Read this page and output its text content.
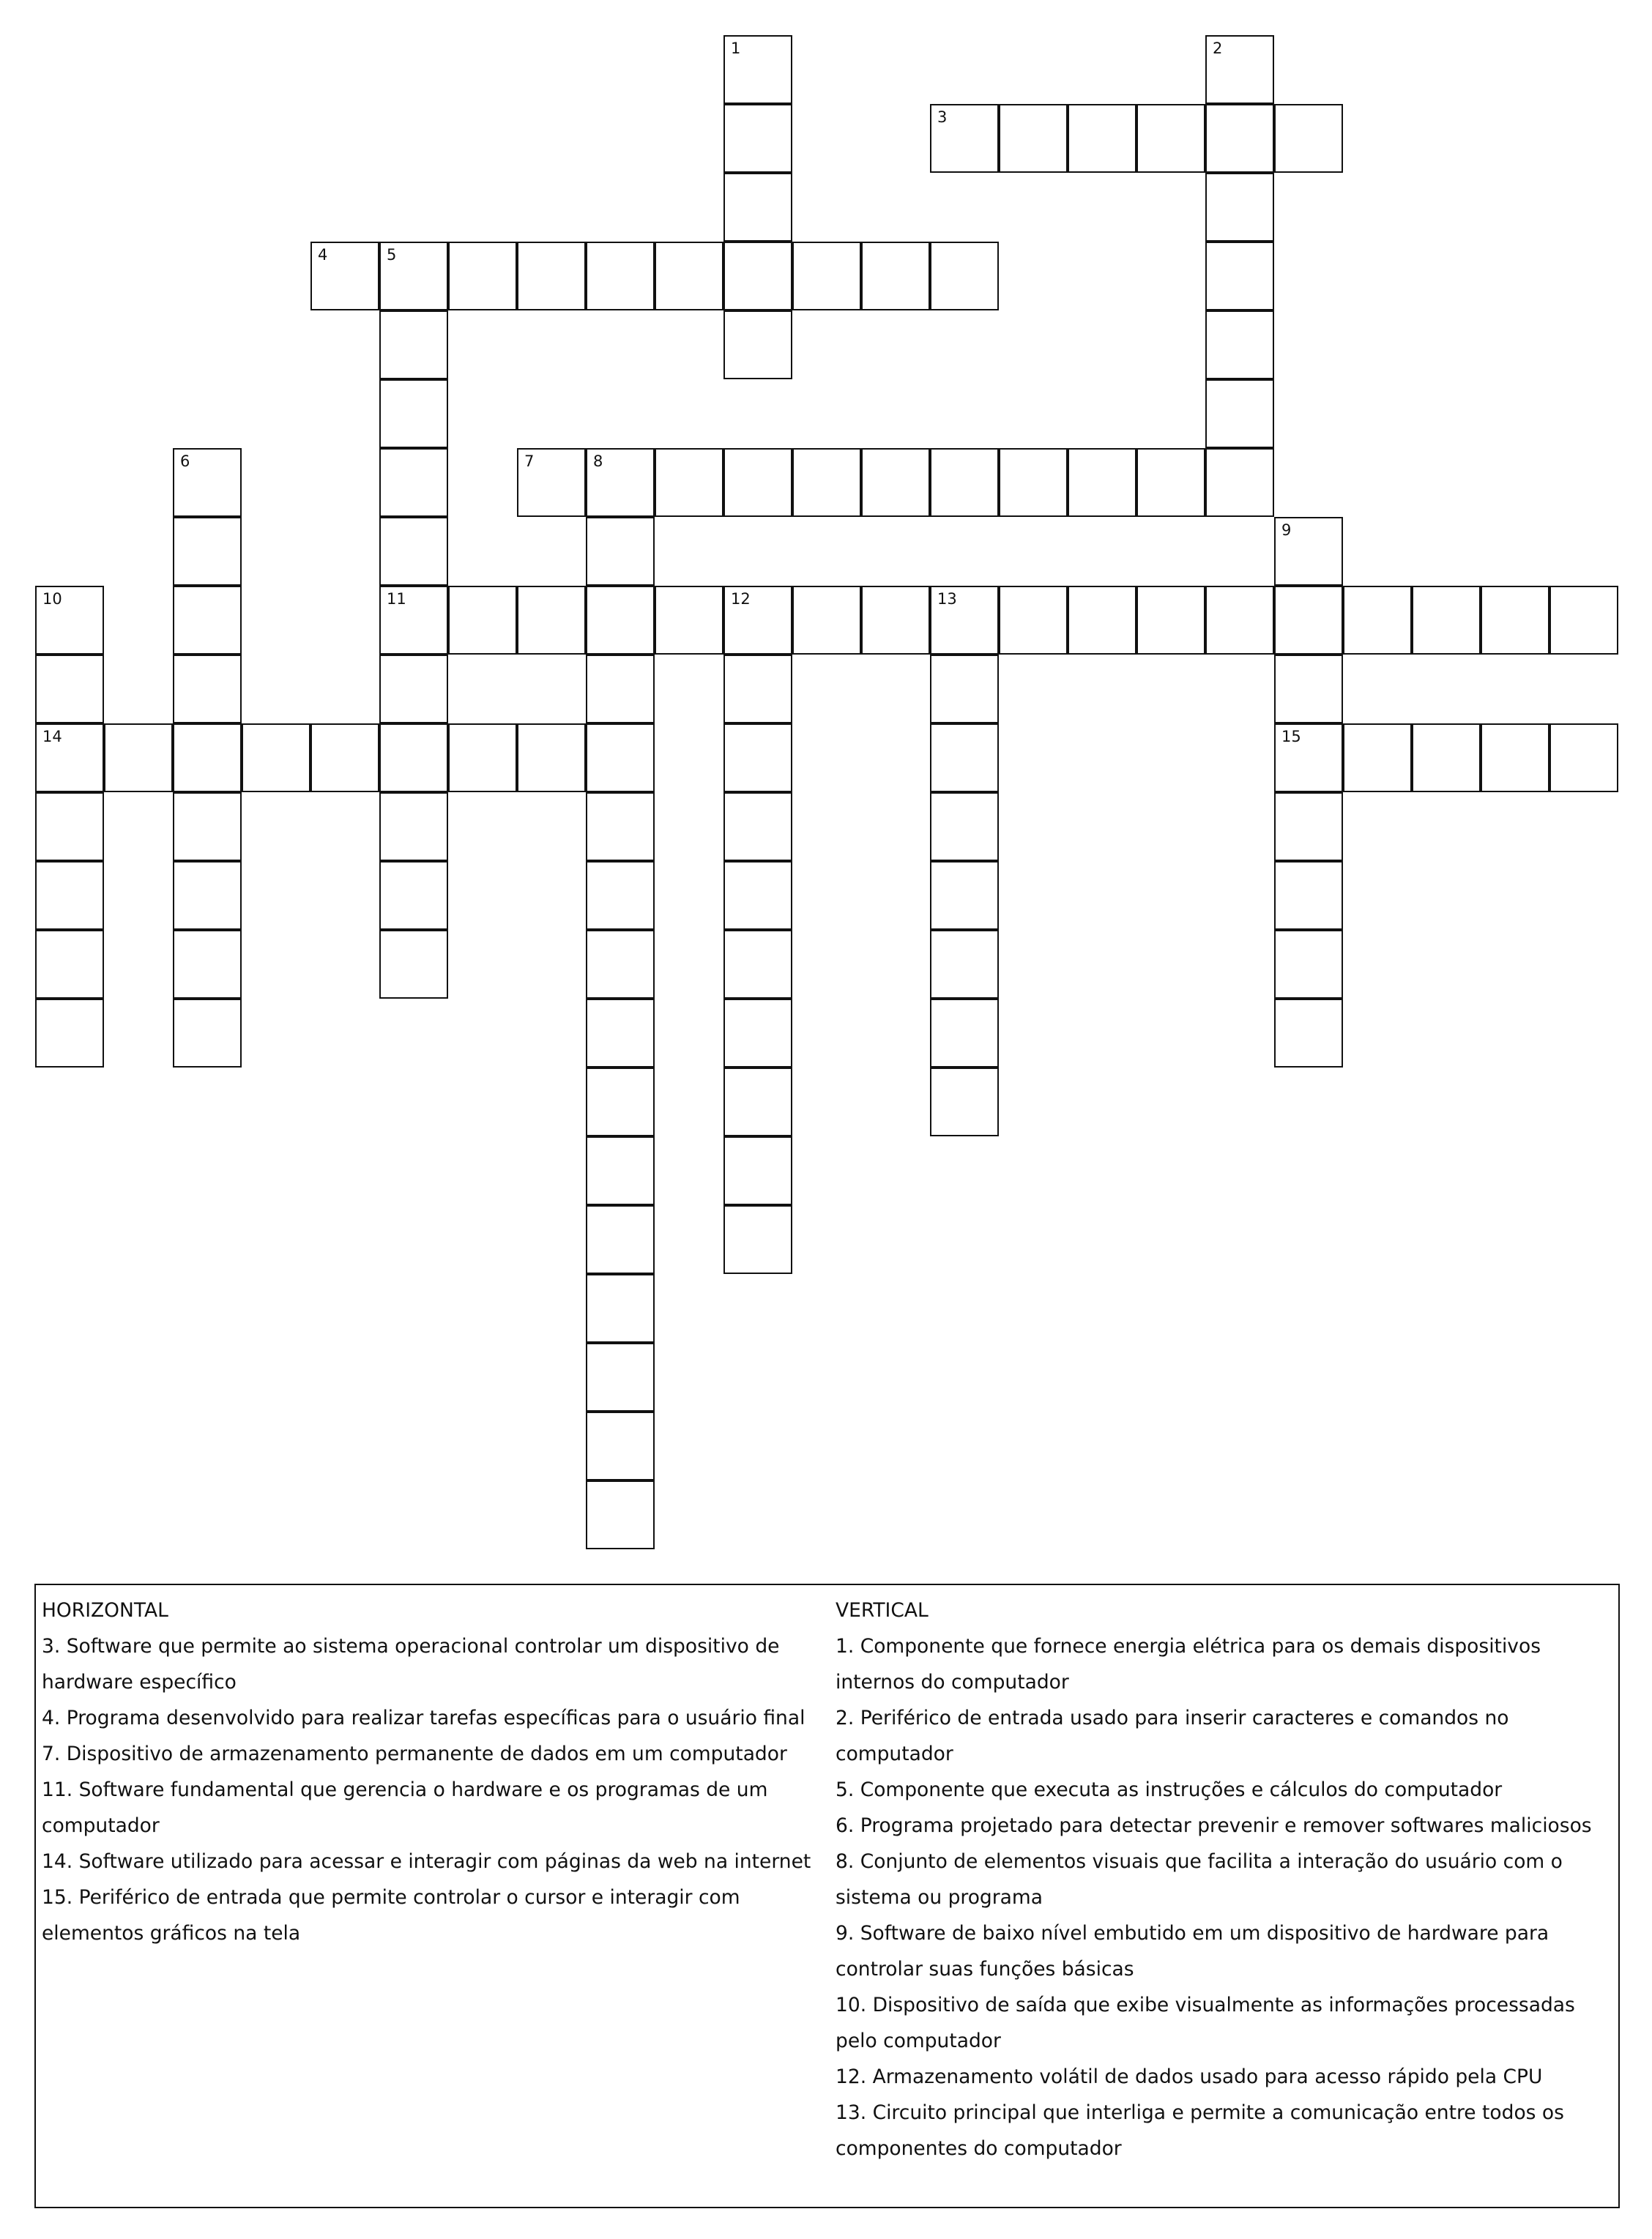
1	2
3
4	5
11
6	7	8
9
15
10
14
12	13
HORIZONTAL
3. Software que permite ao sistema operacional controlar um dispositivo de hardware específico
4. Programa desenvolvido para realizar tarefas específicas para o usuário final
7. Dispositivo de armazenamento permanente de dados em um computador
11. Software fundamental que gerencia o hardware e os programas de um computador
14. Software utilizado para acessar e interagir com páginas da web na internet
15. Periférico de entrada que permite controlar o cursor e interagir com elementos gráficos na tela
VERTICAL
1. Componente que fornece energia elétrica para os demais dispositivos internos do computador
2. Periférico de entrada usado para inserir caracteres e comandos no computador
5. Componente que executa as instruções e cálculos do computador
6. Programa projetado para detectar prevenir e remover softwares maliciosos
8. Conjunto de elementos visuais que facilita a interação do usuário com o sistema ou programa
9. Software de baixo nível embutido em um dispositivo de hardware para controlar suas funções básicas
10. Dispositivo de saída que exibe visualmente as informações processadas pelo computador
12. Armazenamento volátil de dados usado para acesso rápido pela CPU
13. Circuito principal que interliga e permite a comunicação entre todos os componentes do computador
